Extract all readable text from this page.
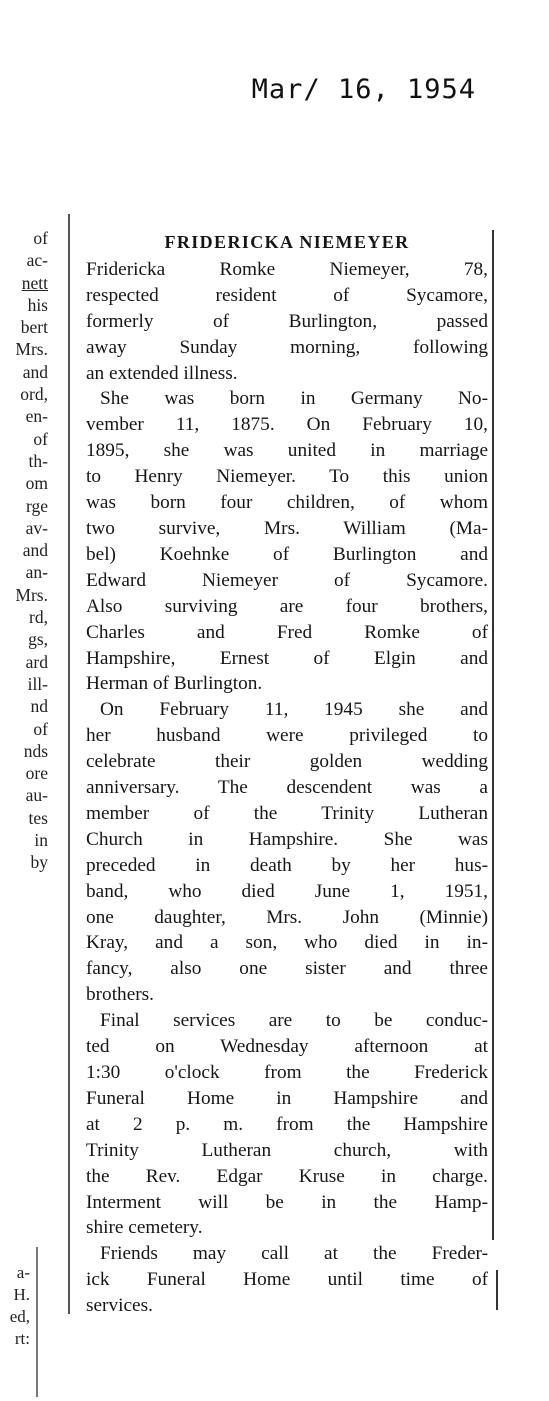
Mar/ 16, 1954
of
ac-
nett
his
bert
Mrs.
and
ord,
en-
of
th-
om
rge
av-
and
an-
Mrs.
rd,
gs,
ard
ill-
nd
of
nds
ore
au-
tes
in
by
a-
H.
ed,
rt:
FRIDERICKA NIEMEYER
Fridericka Romke Niemeyer, 78,
respected resident of Sycamore,
formerly of Burlington, passed
away Sunday morning, following
an extended illness.
She was born in Germany No-
vember 11, 1875. On February 10,
1895, she was united in marriage
to Henry Niemeyer. To this union
was born four children, of whom
two survive, Mrs. William (Ma-
bel) Koehnke of Burlington and
Edward Niemeyer of Sycamore.
Also surviving are four brothers,
Charles and Fred Romke of
Hampshire, Ernest of Elgin and
Herman of Burlington.
On February 11, 1945 she and
her husband were privileged to
celebrate their golden wedding
anniversary. The descendent was a
member of the Trinity Lutheran
Church in Hampshire. She was
preceded in death by her hus-
band, who died June 1, 1951,
one daughter, Mrs. John (Minnie)
Kray, and a son, who died in in-
fancy, also one sister and three
brothers.
Final services are to be conduc-
ted on Wednesday afternoon at
1:30 o'clock from the Frederick
Funeral Home in Hampshire and
at 2 p. m. from the Hampshire
Trinity Lutheran church, with
the Rev. Edgar Kruse in charge.
Interment will be in the Hamp-
shire cemetery.
Friends may call at the Freder-
ick Funeral Home until time of
services.
